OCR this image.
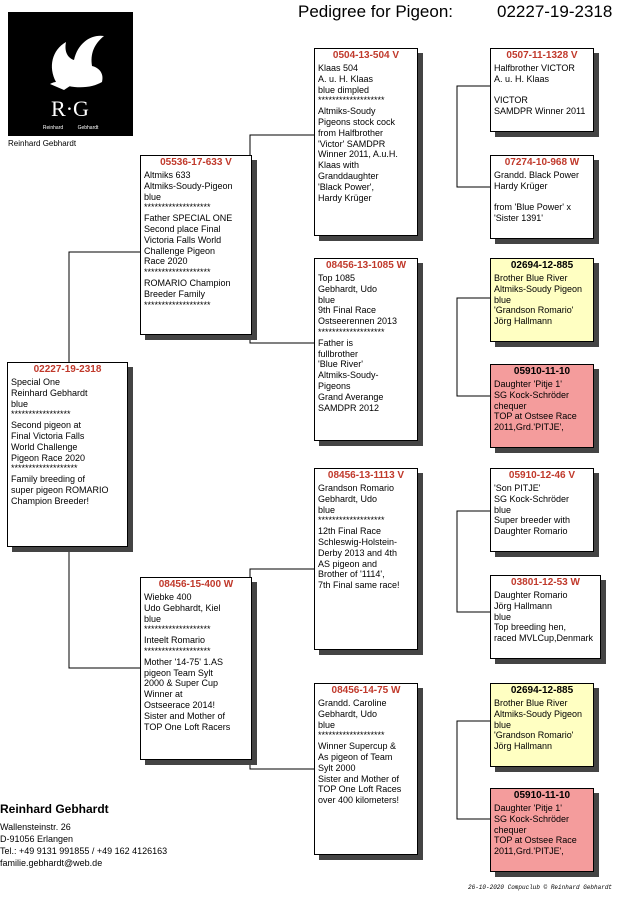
Pedigree for Pigeon:	02227-19-2318
R·G
Reinhard	Gebhardt
Reinhard Gebhardt
02227-19-2318
Special One
Reinhard Gebhardt
blue
*****************
Second pigeon at
Final Victoria Falls
World Challenge
Pigeon Race 2020
*******************
Family breeding of
super pigeon ROMARIO
Champion Breeder!
05536-17-633 V
Altmiks 633
Altmiks-Soudy-Pigeon
blue
*******************
Father SPECIAL ONE
Second place Final
Victoria Falls World
Challenge Pigeon
Race 2020
*******************
ROMARIO Champion
Breeder Family
*******************
08456-15-400 W
Wiebke 400
Udo Gebhardt, Kiel
blue
*******************
Inteelt Romario
*******************
Mother '14-75' 1.AS
pigeon Team Sylt
2000 & Super Cup
Winner at
Ostseerace 2014!
Sister and Mother of
TOP One Loft Racers
0504-13-504 V
Klaas 504
A. u. H. Klaas
blue dimpled
*******************
Altmiks-Soudy
Pigeons stock cock
from Halfbrother
'Victor' SAMDPR
Winner 2011, A.u.H.
Klaas with
Granddaughter
'Black Power',
Hardy Krüger
08456-13-1085 W
Top 1085
Gebhardt, Udo
blue
9th Final Race
Ostseerennen 2013
*******************
Father is
fullbrother
'Blue River'
Altmiks-Soudy-
Pigeons
Grand Averange
SAMDPR 2012
08456-13-1113 V
Grandson Romario
Gebhardt, Udo
blue
*******************
12th Final Race
Schleswig-Holstein-
Derby 2013 and 4th
AS pigeon and
Brother of '1114',
7th Final same race!
08456-14-75 W
Grandd. Caroline
Gebhardt, Udo
blue
*******************
Winner Supercup &
As pigeon of Team
Sylt 2000
Sister and Mother of
TOP One Loft Races
over 400 kilometers!
0507-11-1328 V
Halfbrother VICTOR
A. u. H. Klaas

VICTOR
SAMDPR Winner 2011
07274-10-968 W
Grandd. Black Power
Hardy Krüger

from 'Blue Power' x
'Sister 1391'
02694-12-885
Brother Blue River
Altmiks-Soudy Pigeon
blue
'Grandson Romario'
Jörg Hallmann
05910-11-10
Daughter 'Pitje 1'
SG Kock-Schröder
chequer
TOP at Ostsee Race
2011,Grd.'PITJE',
05910-12-46 V
'Son PITJE'
SG Kock-Schröder
blue
Super breeder with
Daughter Romario
03801-12-53 W
Daughter Romario
Jörg Hallmann
blue
Top breeding hen,
raced MVLCup,Denmark
02694-12-885
Brother Blue River
Altmiks-Soudy Pigeon
blue
'Grandson Romario'
Jörg Hallmann
05910-11-10
Daughter 'Pitje 1'
SG Kock-Schröder
chequer
TOP at Ostsee Race
2011,Grd.'PITJE',
Reinhard Gebhardt
Wallensteinstr. 26
D-91056 Erlangen
Tel.: +49 9131 991855 / +49 162 4126163
familie.gebhardt@web.de
26-10-2020 Compuclub © Reinhard Gebhardt
